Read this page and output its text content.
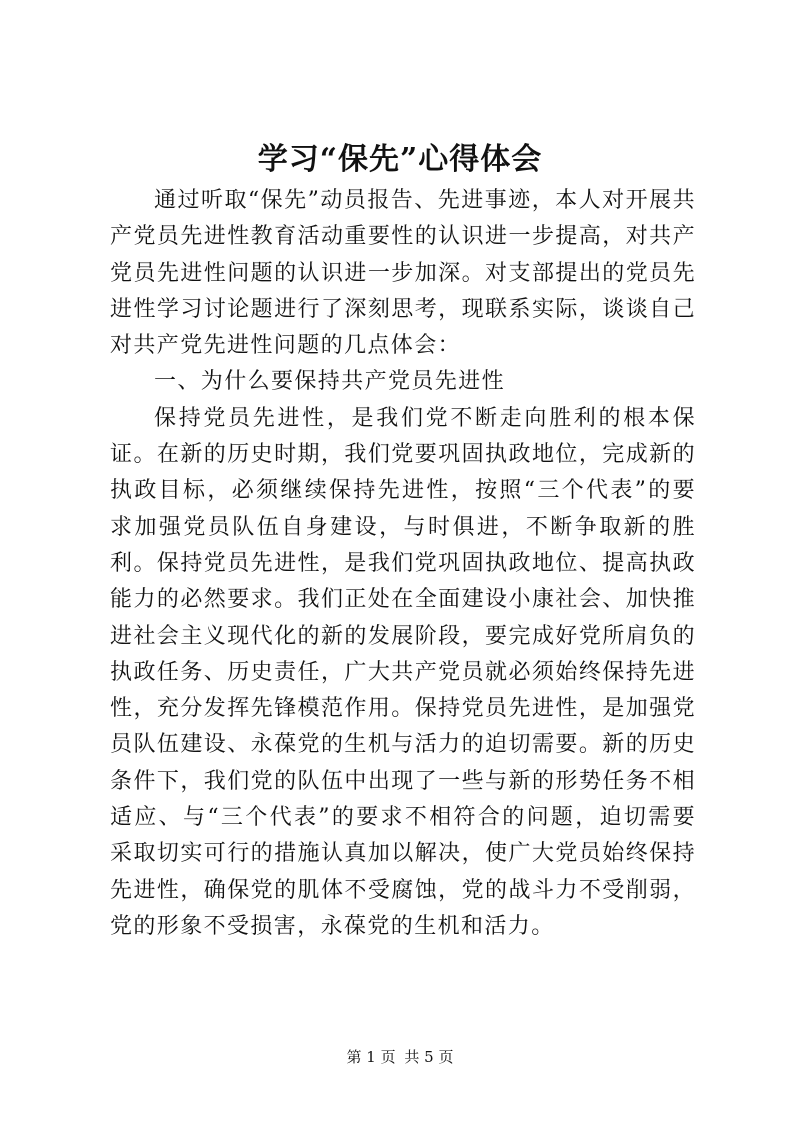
学习“保先”心得体会

通过听取“保先”动员报告、先进事迹，本人对开展共产党员先进性教育活动重要性的认识进一步提高，对共产党员先进性问题的认识进一步加深。对支部提出的党员先进性学习讨论题进行了深刻思考，现联系实际，谈谈自己对共产党先进性问题的几点体会：

一、为什么要保持共产党员先进性

保持党员先进性，是我们党不断走向胜利的根本保证。在新的历史时期，我们党要巩固执政地位，完成新的执政目标，必须继续保持先进性，按照“三个代表”的要求加强党员队伍自身建设，与时俱进，不断争取新的胜利。保持党员先进性，是我们党巩固执政地位、提高执政能力的必然要求。我们正处在全面建设小康社会、加快推进社会主义现代化的新的发展阶段，要完成好党所肩负的执政任务、历史责任，广大共产党员就必须始终保持先进性，充分发挥先锋模范作用。保持党员先进性，是加强党员队伍建设、永葆党的生机与活力的迫切需要。新的历史条件下，我们党的队伍中出现了一些与新的形势任务不相适应、与“三个代表”的要求不相符合的问题，迫切需要采取切实可行的措施认真加以解决，使广大党员始终保持先进性，确保党的肌体不受腐蚀，党的战斗力不受削弱，党的形象不受损害，永葆党的生机和活力。

第 1 页 共 5 页
